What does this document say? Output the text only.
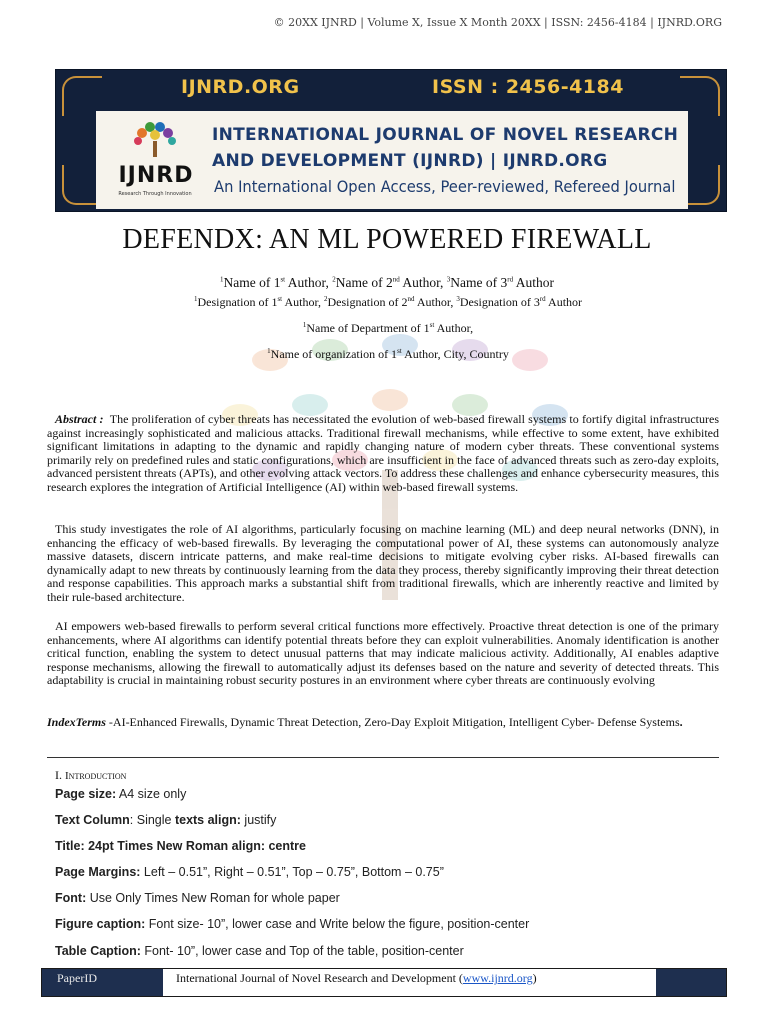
© 20XX IJNRD | Volume X, Issue X Month 20XX | ISSN: 2456-4184 | IJNRD.ORG
IJNRD.ORG	ISSN : 2456-4184
IJNRD
Research Through Innovation
INTERNATIONAL JOURNAL OF NOVEL RESEARCH
AND DEVELOPMENT (IJNRD) | IJNRD.ORG
An International Open Access, Peer-reviewed, Refereed Journal
DEFENDX: AN ML POWERED FIREWALL
$^1$Name of 1st Author, $^2$Name of 2nd Author, $^3$Name of 3rd Author
$^1$Designation of 1st Author, $^2$Designation of 2nd Author, $^3$Designation of 3rd Author
$^1$Name of Department of 1st Author,
$^1$Name of organization of 1st Author, City, Country
Abstract : The proliferation of cyber threats has necessitated the evolution of web-based firewall systems to fortify digital infrastructures against increasingly sophisticated and malicious attacks. Traditional firewall mechanisms, while effective to some extent, have exhibited significant limitations in adapting to the dynamic and rapidly changing nature of modern cyber threats. These conventional systems primarily rely on predefined rules and static configurations, which are insufficient in the face of advanced threats such as zero-day exploits, advanced persistent threats (APTs), and other evolving attack vectors. To address these challenges and enhance cybersecurity measures, this research explores the integration of Artificial Intelligence (AI) within web-based firewall systems.
This study investigates the role of AI algorithms, particularly focusing on machine learning (ML) and deep neural networks (DNN), in enhancing the efficacy of web-based firewalls. By leveraging the computational power of AI, these systems can autonomously analyze massive datasets, discern intricate patterns, and make real-time decisions to mitigate evolving cyber risks. AI-based firewalls can dynamically adapt to new threats by continuously learning from the data they process, thereby significantly improving their threat detection and response capabilities. This approach marks a substantial shift from traditional firewalls, which are inherently reactive and limited by their rule-based architecture.
AI empowers web-based firewalls to perform several critical functions more effectively. Proactive threat detection is one of the primary enhancements, where AI algorithms can identify potential threats before they can exploit vulnerabilities. Anomaly identification is another critical function, enabling the system to detect unusual patterns that may indicate malicious activity. Additionally, AI enables adaptive response mechanisms, allowing the firewall to automatically adjust its defenses based on the nature and severity of detected threats. This adaptability is crucial in maintaining robust security postures in an environment where cyber threats are continuously evolving
IndexTerms -AI-Enhanced Firewalls, Dynamic Threat Detection, Zero-Day Exploit Mitigation, Intelligent Cyber- Defense Systems.
I. Introduction
Page size: A4 size only
Text Column: Single texts align: justify
Title: 24pt Times New Roman align: centre
Page Margins: Left – 0.51”, Right – 0.51”, Top – 0.75”, Bottom – 0.75”
Font: Use Only Times New Roman for whole paper
Figure caption: Font size- 10”, lower case and Write below the figure, position-center
Table Caption: Font- 10”, lower case and Top of the table, position-center
PaperID	International Journal of Novel Research and Development (www.ijnrd.org)
